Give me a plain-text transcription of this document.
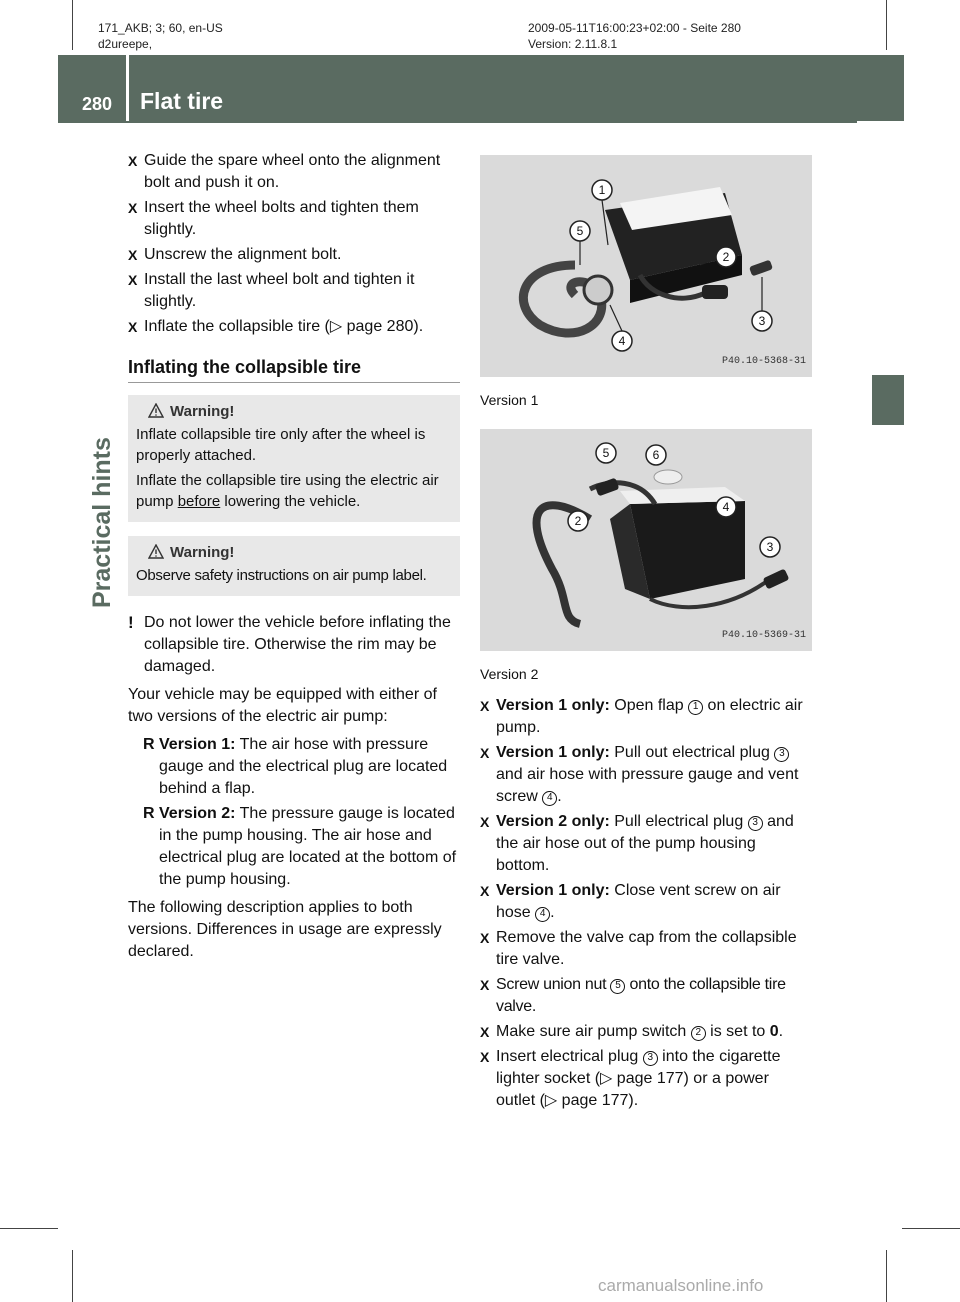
171_AKB; 3; 60, en-US
d2ureepe,
2009-05-11T16:00:23+02:00 - Seite 280
Version: 2.11.8.1
280 Flat tire
Practical hints
X Guide the spare wheel onto the alignment bolt and push it on.
X Insert the wheel bolts and tighten them slightly.
X Unscrew the alignment bolt.
X Install the last wheel bolt and tighten it slightly.
X Inflate the collapsible tire (▷ page 280).
Inflating the collapsible tire
Warning!

Inflate collapsible tire only after the wheel is properly attached.

Inflate the collapsible tire using the electric air pump before lowering the vehicle.

Warning!

Observe safety instructions on air pump label.

! Do not lower the vehicle before inflating the collapsible tire. Otherwise the rim may be damaged.

Your vehicle may be equipped with either of two versions of the electric air pump:

R Version 1: The air hose with pressure gauge and the electrical plug are located behind a flap.
R Version 2: The pressure gauge is located in the pump housing. The air hose and electrical plug are located at the bottom of the pump housing.

The following description applies to both versions. Differences in usage are expressly declared.

1
5
2
3
4
P40.10-5368-31
Version 1
5	6
2
4
3
P40.10-5369-31
Version 2
X Version 1 only: Open flap 1 on electric air pump.
X Version 1 only: Pull out electrical plug 3 and air hose with pressure gauge and vent screw 4 .
X Version 2 only: Pull electrical plug 3 and the air hose out of the pump housing bottom.
X Version 1 only: Close vent screw on air hose 4 .
X Remove the valve cap from the collapsible tire valve.
X Screw union nut 5 onto the collapsible tire valve.
X Make sure air pump switch 2 is set to 0.
X Insert electrical plug 3 into the cigarette lighter socket (▷ page 177) or a power outlet (▷ page 177).
carmanualsonline.info
